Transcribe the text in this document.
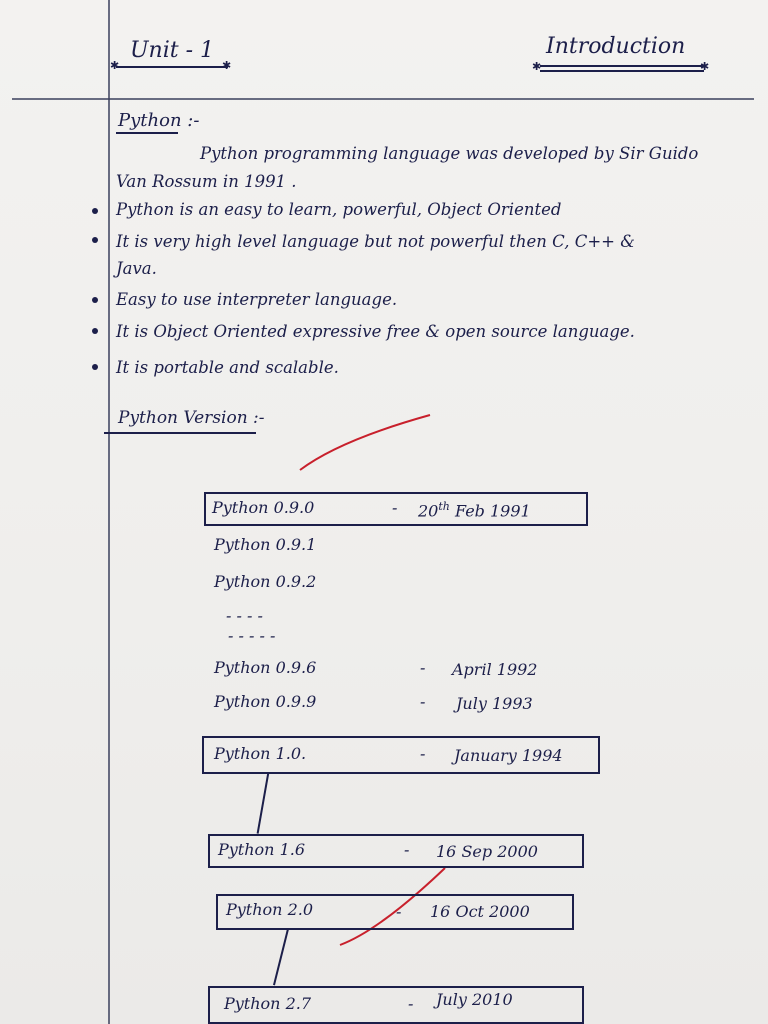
Unit - 1
✱	✱
Introduction
✱	✱
Python :-
Python programming language was developed by Sir Guido
Van Rossum in 1991 .
Python is an easy to learn, powerful, Object Oriented
It is very high level language but not powerful then C, C++ &
Java.
Easy to use interpreter language.
It is Object Oriented expressive free & open source language.
It is portable and scalable.
Python Version :-
Python 0.9.0	- 20th Feb 1991
Python 0.9.1
Python 0.9.2
- - - -
- - - - -
Python 0.9.6	- April 1992
Python 0.9.9	- July 1993
Python 1.0.	- January 1994
Python 1.6	- 16 Sep 2000
Python 2.0	- 16 Oct 2000
Python 2.7	- July 2010
